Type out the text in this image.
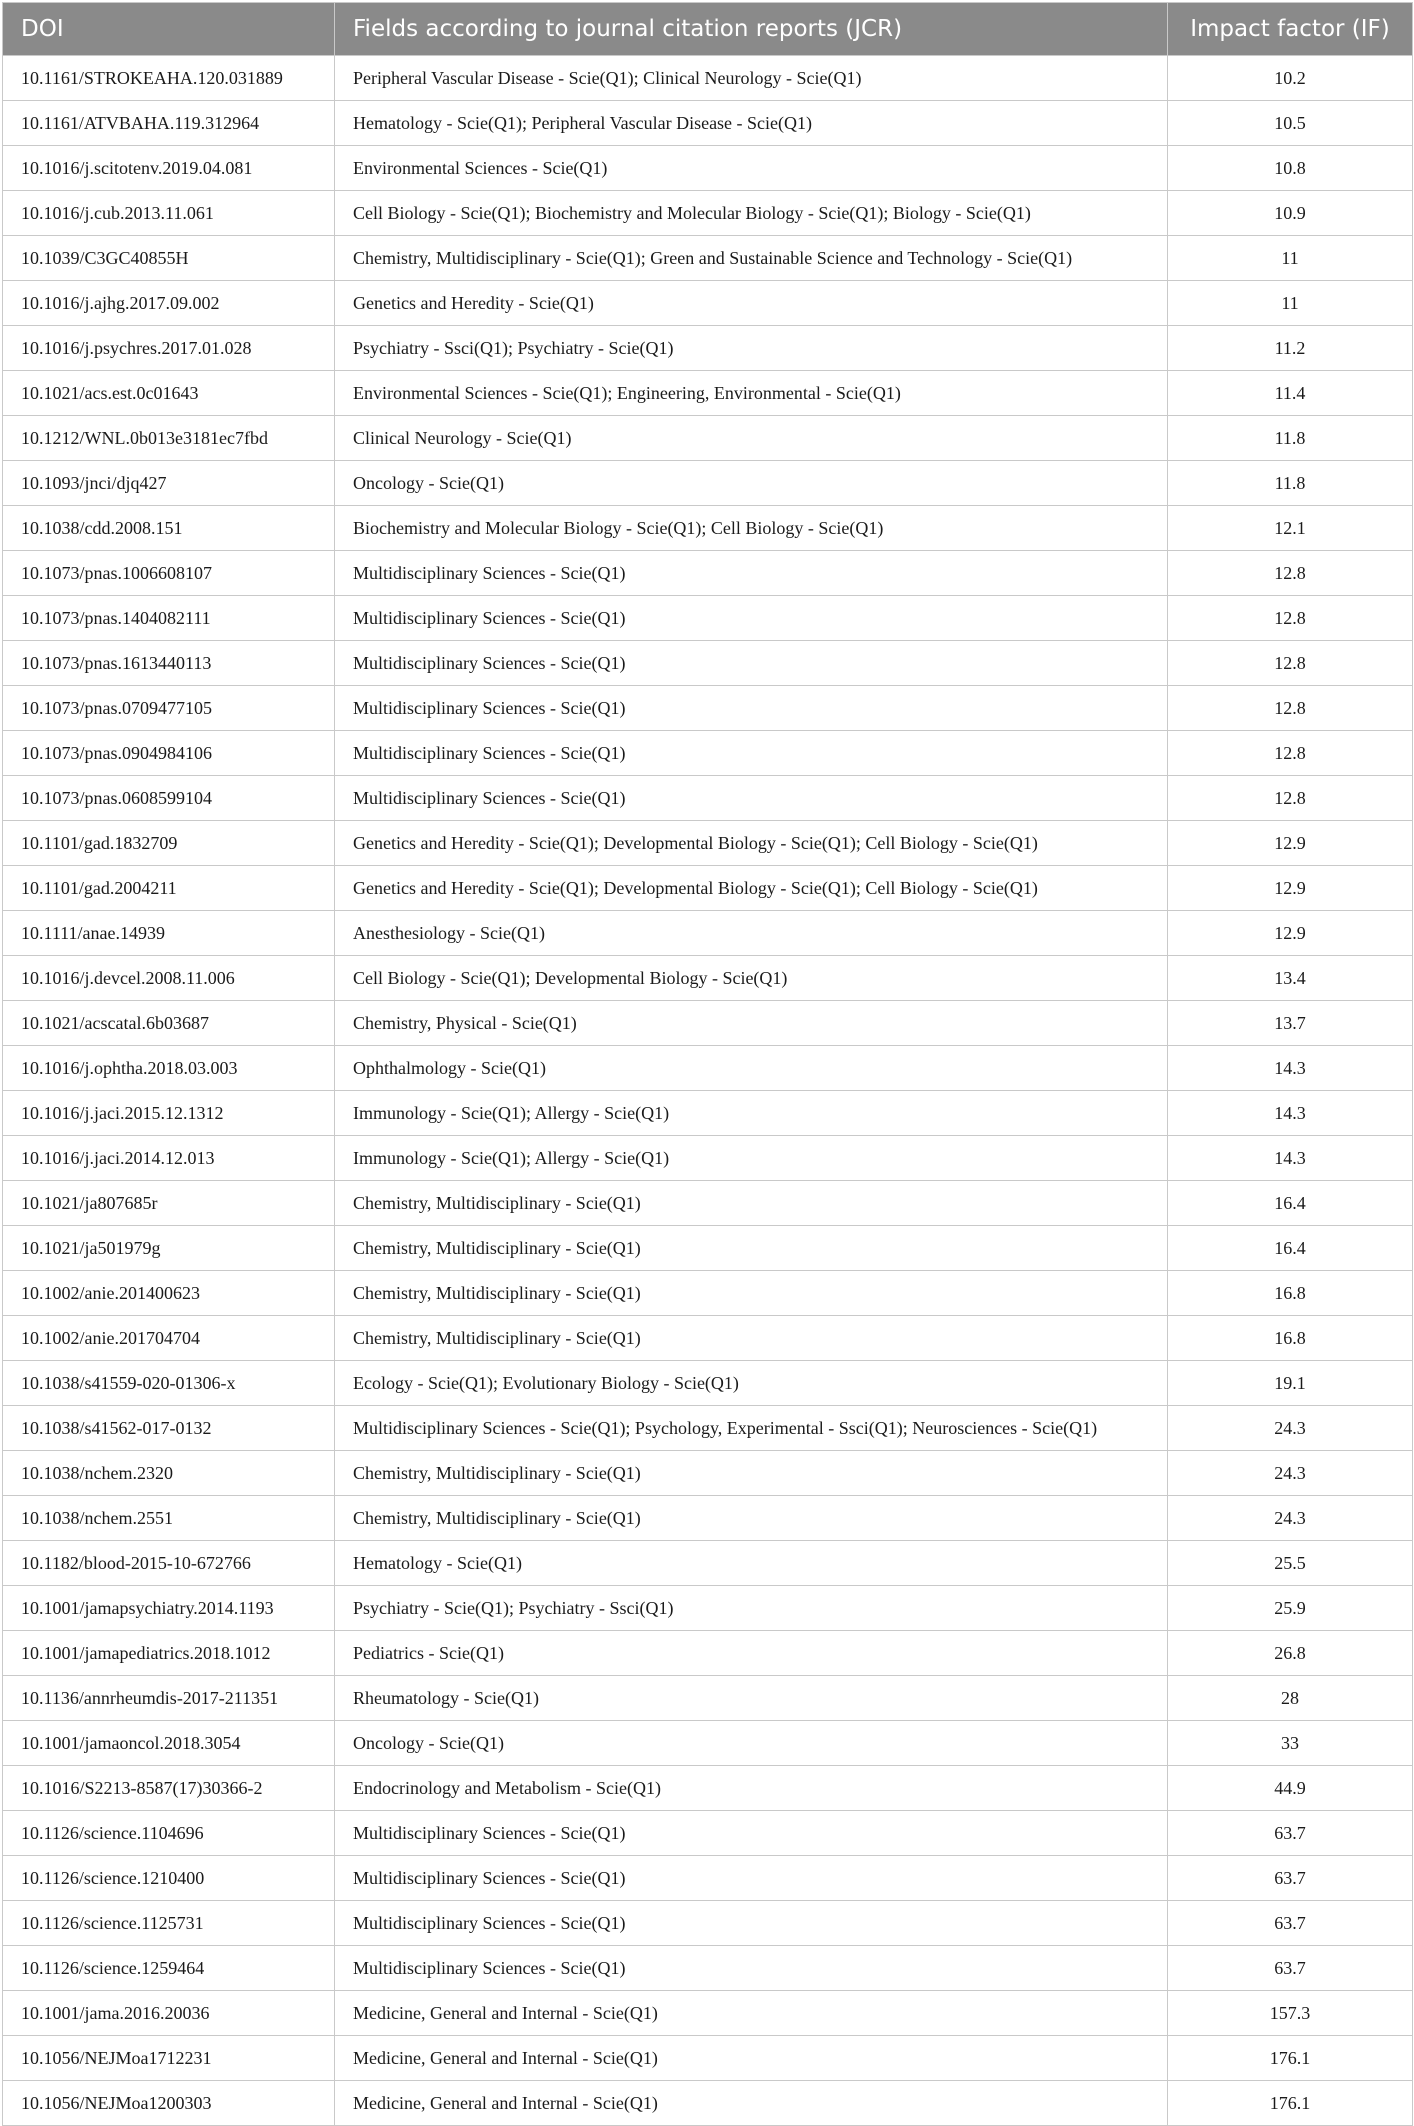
DOI	Fields according to journal citation reports (JCR)	Impact factor (IF)
10.1161/STROKEAHA.120.031889	Peripheral Vascular Disease - Scie(Q1); Clinical Neurology - Scie(Q1)	10.2
10.1161/ATVBAHA.119.312964	Hematology - Scie(Q1); Peripheral Vascular Disease - Scie(Q1)	10.5
10.1016/j.scitotenv.2019.04.081	Environmental Sciences - Scie(Q1)	10.8
10.1016/j.cub.2013.11.061	Cell Biology - Scie(Q1); Biochemistry and Molecular Biology - Scie(Q1); Biology - Scie(Q1)	10.9
10.1039/C3GC40855H	Chemistry, Multidisciplinary - Scie(Q1); Green and Sustainable Science and Technology - Scie(Q1)	11
10.1016/j.ajhg.2017.09.002	Genetics and Heredity - Scie(Q1)	11
10.1016/j.psychres.2017.01.028	Psychiatry - Ssci(Q1); Psychiatry - Scie(Q1)	11.2
10.1021/acs.est.0c01643	Environmental Sciences - Scie(Q1); Engineering, Environmental - Scie(Q1)	11.4
10.1212/WNL.0b013e3181ec7fbd	Clinical Neurology - Scie(Q1)	11.8
10.1093/jnci/djq427	Oncology - Scie(Q1)	11.8
10.1038/cdd.2008.151	Biochemistry and Molecular Biology - Scie(Q1); Cell Biology - Scie(Q1)	12.1
10.1073/pnas.1006608107	Multidisciplinary Sciences - Scie(Q1)	12.8
10.1073/pnas.1404082111	Multidisciplinary Sciences - Scie(Q1)	12.8
10.1073/pnas.1613440113	Multidisciplinary Sciences - Scie(Q1)	12.8
10.1073/pnas.0709477105	Multidisciplinary Sciences - Scie(Q1)	12.8
10.1073/pnas.0904984106	Multidisciplinary Sciences - Scie(Q1)	12.8
10.1073/pnas.0608599104	Multidisciplinary Sciences - Scie(Q1)	12.8
10.1101/gad.1832709	Genetics and Heredity - Scie(Q1); Developmental Biology - Scie(Q1); Cell Biology - Scie(Q1)	12.9
10.1101/gad.2004211	Genetics and Heredity - Scie(Q1); Developmental Biology - Scie(Q1); Cell Biology - Scie(Q1)	12.9
10.1111/anae.14939	Anesthesiology - Scie(Q1)	12.9
10.1016/j.devcel.2008.11.006	Cell Biology - Scie(Q1); Developmental Biology - Scie(Q1)	13.4
10.1021/acscatal.6b03687	Chemistry, Physical - Scie(Q1)	13.7
10.1016/j.ophtha.2018.03.003	Ophthalmology - Scie(Q1)	14.3
10.1016/j.jaci.2015.12.1312	Immunology - Scie(Q1); Allergy - Scie(Q1)	14.3
10.1016/j.jaci.2014.12.013	Immunology - Scie(Q1); Allergy - Scie(Q1)	14.3
10.1021/ja807685r	Chemistry, Multidisciplinary - Scie(Q1)	16.4
10.1021/ja501979g	Chemistry, Multidisciplinary - Scie(Q1)	16.4
10.1002/anie.201400623	Chemistry, Multidisciplinary - Scie(Q1)	16.8
10.1002/anie.201704704	Chemistry, Multidisciplinary - Scie(Q1)	16.8
10.1038/s41559-020-01306-x	Ecology - Scie(Q1); Evolutionary Biology - Scie(Q1)	19.1
10.1038/s41562-017-0132	Multidisciplinary Sciences - Scie(Q1); Psychology, Experimental - Ssci(Q1); Neurosciences - Scie(Q1)	24.3
10.1038/nchem.2320	Chemistry, Multidisciplinary - Scie(Q1)	24.3
10.1038/nchem.2551	Chemistry, Multidisciplinary - Scie(Q1)	24.3
10.1182/blood-2015-10-672766	Hematology - Scie(Q1)	25.5
10.1001/jamapsychiatry.2014.1193	Psychiatry - Scie(Q1); Psychiatry - Ssci(Q1)	25.9
10.1001/jamapediatrics.2018.1012	Pediatrics - Scie(Q1)	26.8
10.1136/annrheumdis-2017-211351	Rheumatology - Scie(Q1)	28
10.1001/jamaoncol.2018.3054	Oncology - Scie(Q1)	33
10.1016/S2213-8587(17)30366-2	Endocrinology and Metabolism - Scie(Q1)	44.9
10.1126/science.1104696	Multidisciplinary Sciences - Scie(Q1)	63.7
10.1126/science.1210400	Multidisciplinary Sciences - Scie(Q1)	63.7
10.1126/science.1125731	Multidisciplinary Sciences - Scie(Q1)	63.7
10.1126/science.1259464	Multidisciplinary Sciences - Scie(Q1)	63.7
10.1001/jama.2016.20036	Medicine, General and Internal - Scie(Q1)	157.3
10.1056/NEJMoa1712231	Medicine, General and Internal - Scie(Q1)	176.1
10.1056/NEJMoa1200303	Medicine, General and Internal - Scie(Q1)	176.1
